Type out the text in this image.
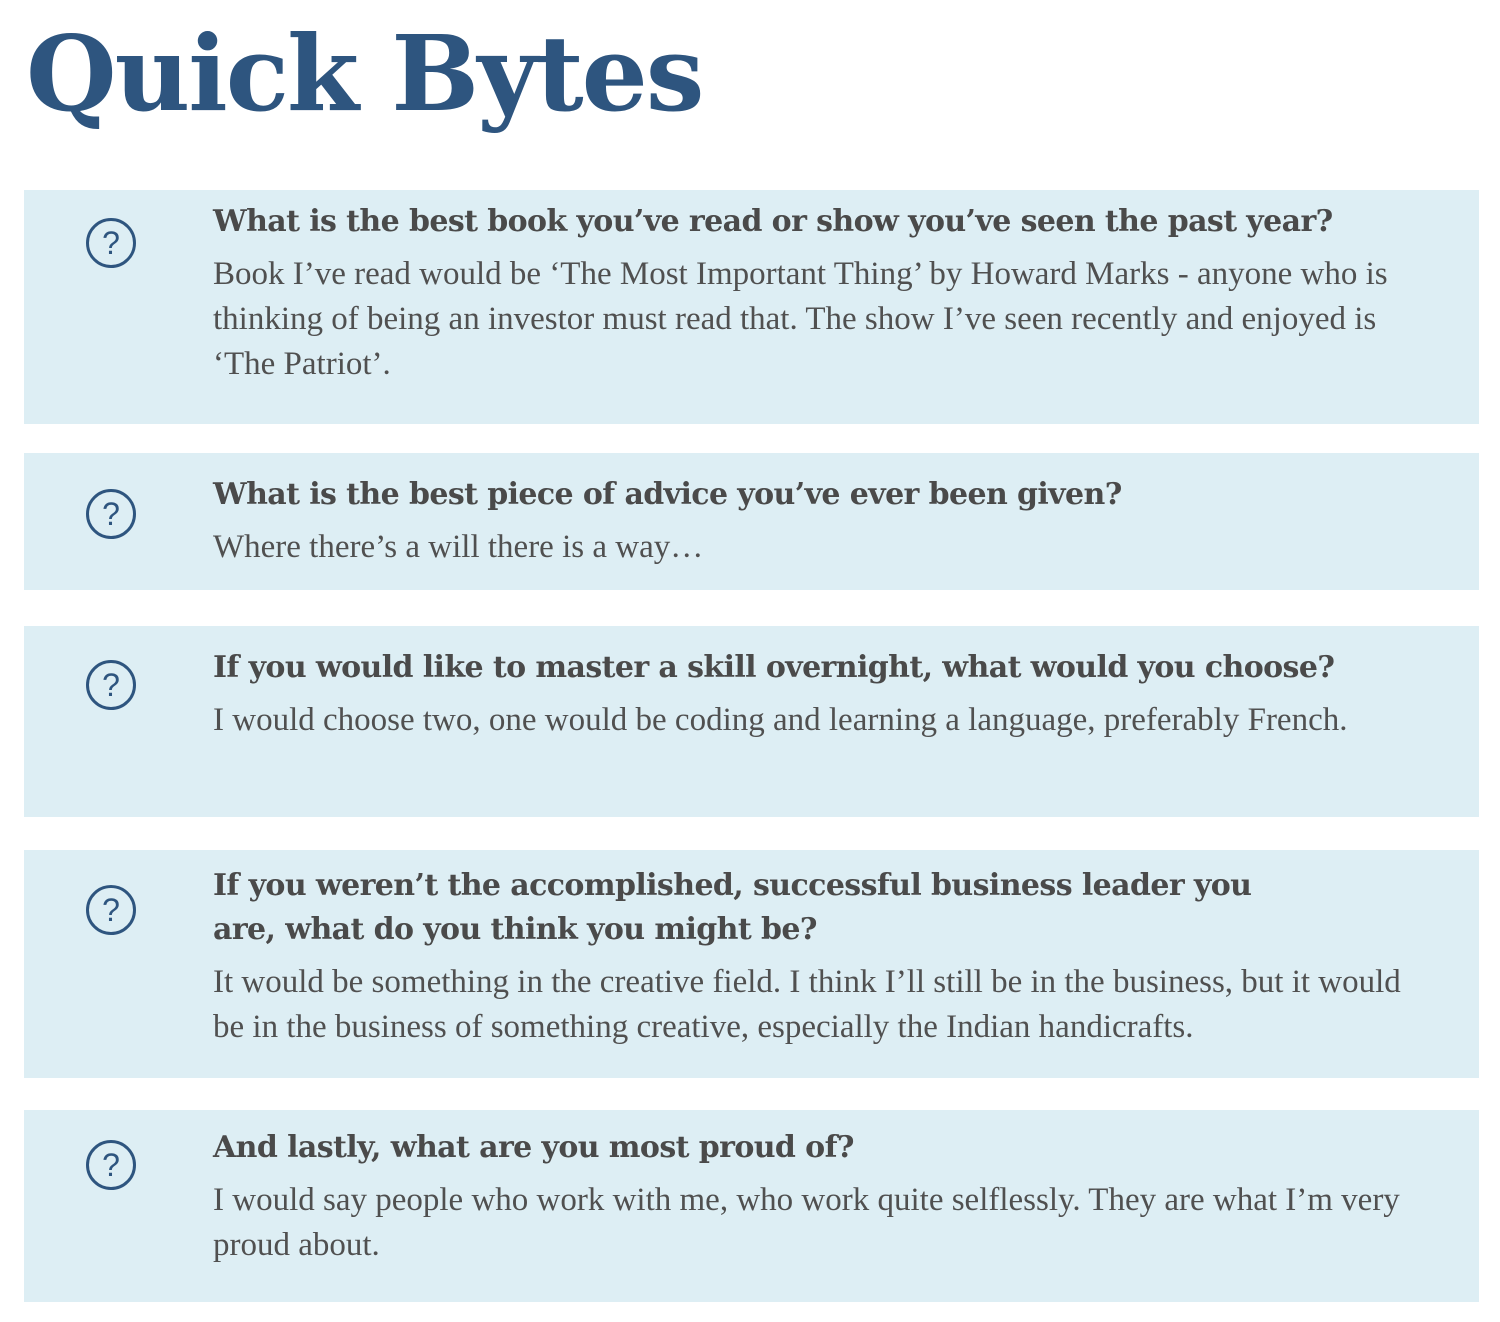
Quick Bytes
?

What is the best book you’ve read or show you’ve seen the past year?

Book I’ve read would be ‘The Most Important Thing’ by Howard Marks - anyone who is thinking of being an investor must read that. The show I’ve seen recently and enjoyed is ‘The Patriot’.

?

What is the best piece of advice you’ve ever been given?

Where there’s a will there is a way…

?	If you would like to master a skill overnight, what would you choose?

I would choose two, one would be coding and learning a language, preferably French.

?

If you weren’t the accomplished, successful business leader you are, what do you think you might be?

It would be something in the creative field. I think I’ll still be in the business, but it would be in the business of something creative, especially the Indian handicrafts.

?	And lastly, what are you most proud of?

I would say people who work with me, who work quite selflessly. They are what I’m very proud about.
